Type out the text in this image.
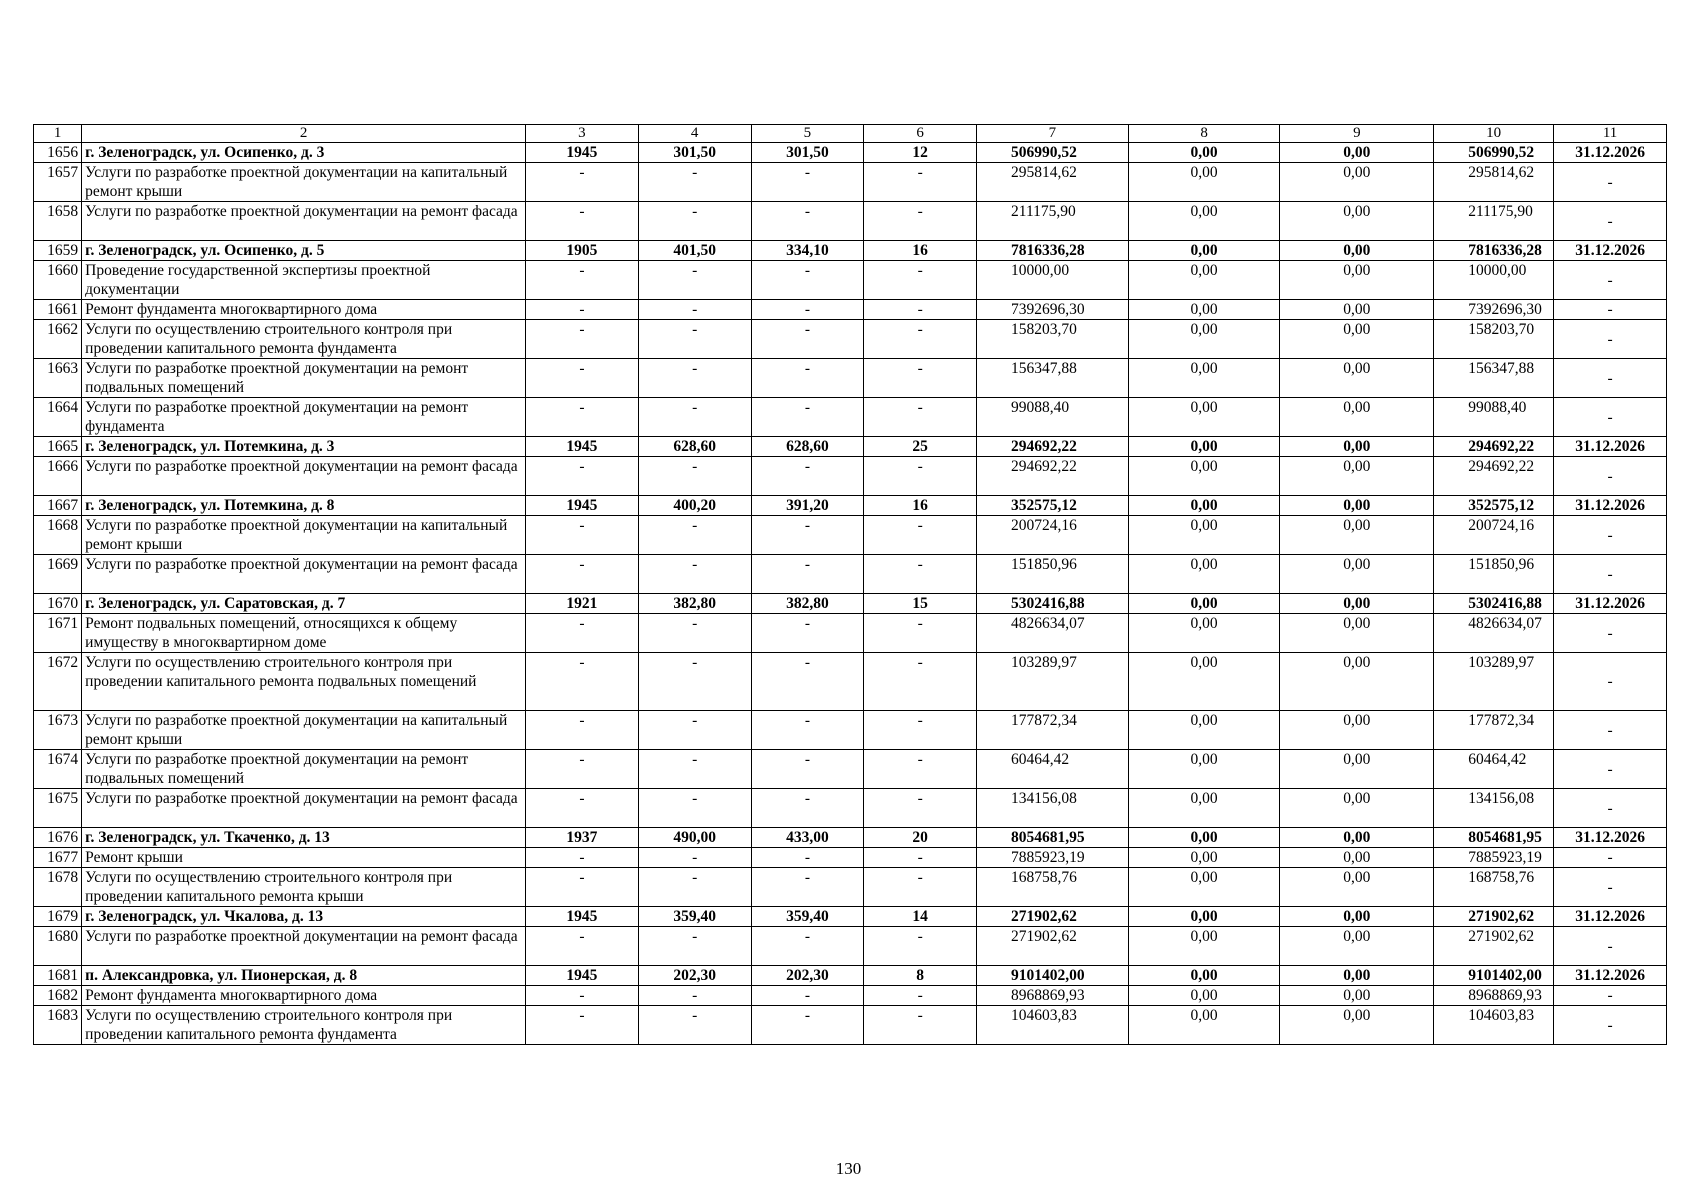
1	2	3	4	5	6	7	8	9	10	11
1656	г. Зеленоградск, ул. Осипенко, д. 3	1945	301,50	301,50	12	506990,52	0,00	0,00	506990,52	31.12.2026
1657	Услуги по разработке проектной документации на капитальный ремонт крыши	-	-	-	-	295814,62	0,00	0,00	295814,62	-
1658	Услуги по разработке проектной документации на ремонт фасада	-	-	-	-	211175,90	0,00	0,00	211175,90	-
1659	г. Зеленоградск, ул. Осипенко, д. 5	1905	401,50	334,10	16	7816336,28	0,00	0,00	7816336,28	31.12.2026
1660	Проведение государственной экспертизы проектной документации	-	-	-	-	10000,00	0,00	0,00	10000,00	-
1661	Ремонт фундамента многоквартирного дома	-	-	-	-	7392696,30	0,00	0,00	7392696,30	-
1662	Услуги по осуществлению строительного контроля при проведении капитального ремонта фундамента	-	-	-	-	158203,70	0,00	0,00	158203,70	-
1663	Услуги по разработке проектной документации на ремонт подвальных помещений	-	-	-	-	156347,88	0,00	0,00	156347,88	-
1664	Услуги по разработке проектной документации на ремонт фундамента	-	-	-	-	99088,40	0,00	0,00	99088,40	-
1665	г. Зеленоградск, ул. Потемкина, д. 3	1945	628,60	628,60	25	294692,22	0,00	0,00	294692,22	31.12.2026
1666	Услуги по разработке проектной документации на ремонт фасада	-	-	-	-	294692,22	0,00	0,00	294692,22	-
1667	г. Зеленоградск, ул. Потемкина, д. 8	1945	400,20	391,20	16	352575,12	0,00	0,00	352575,12	31.12.2026
1668	Услуги по разработке проектной документации на капитальный ремонт крыши	-	-	-	-	200724,16	0,00	0,00	200724,16	-
1669	Услуги по разработке проектной документации на ремонт фасада	-	-	-	-	151850,96	0,00	0,00	151850,96	-
1670	г. Зеленоградск, ул. Саратовская, д. 7	1921	382,80	382,80	15	5302416,88	0,00	0,00	5302416,88	31.12.2026
1671	Ремонт подвальных помещений, относящихся к общему имуществу в многоквартирном доме	-	-	-	-	4826634,07	0,00	0,00	4826634,07	-
1672	Услуги по осуществлению строительного контроля при проведении капитального ремонта подвальных помещений	-	-	-	-	103289,97	0,00	0,00	103289,97	-
1673	Услуги по разработке проектной документации на капитальный ремонт крыши	-	-	-	-	177872,34	0,00	0,00	177872,34	-
1674	Услуги по разработке проектной документации на ремонт подвальных помещений	-	-	-	-	60464,42	0,00	0,00	60464,42	-
1675	Услуги по разработке проектной документации на ремонт фасада	-	-	-	-	134156,08	0,00	0,00	134156,08	-
1676	г. Зеленоградск, ул. Ткаченко, д. 13	1937	490,00	433,00	20	8054681,95	0,00	0,00	8054681,95	31.12.2026
1677	Ремонт крыши	-	-	-	-	7885923,19	0,00	0,00	7885923,19	-
1678	Услуги по осуществлению строительного контроля при проведении капитального ремонта крыши	-	-	-	-	168758,76	0,00	0,00	168758,76	-
1679	г. Зеленоградск, ул. Чкалова, д. 13	1945	359,40	359,40	14	271902,62	0,00	0,00	271902,62	31.12.2026
1680	Услуги по разработке проектной документации на ремонт фасада	-	-	-	-	271902,62	0,00	0,00	271902,62	-
1681	п. Александровка, ул. Пионерская, д. 8	1945	202,30	202,30	8	9101402,00	0,00	0,00	9101402,00	31.12.2026
1682	Ремонт фундамента многоквартирного дома	-	-	-	-	8968869,93	0,00	0,00	8968869,93	-
1683	Услуги по осуществлению строительного контроля при проведении капитального ремонта фундамента	-	-	-	-	104603,83	0,00	0,00	104603,83	-
130
